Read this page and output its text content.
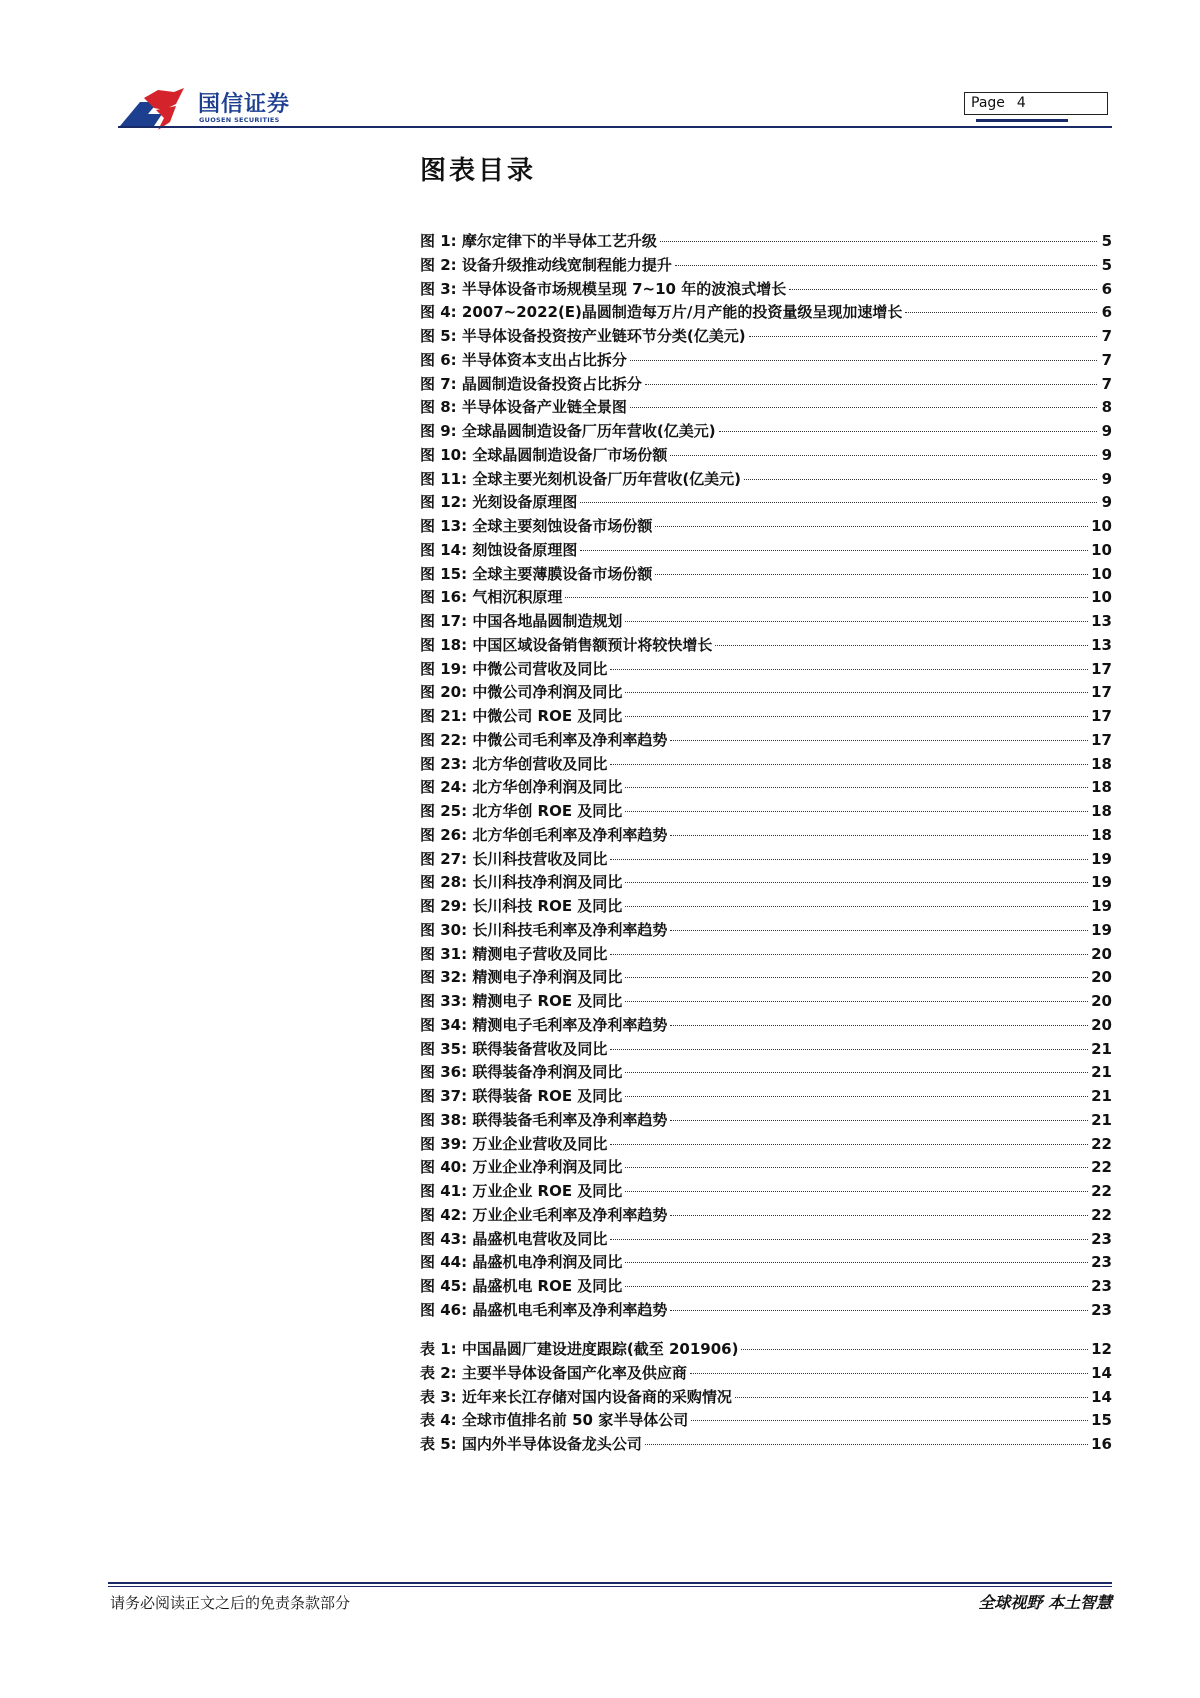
国信证券
GUOSEN SECURITIES
Page 4
图表目录
图 1: 摩尔定律下的半导体工艺升级	5
图 2: 设备升级推动线宽制程能力提升	5
图 3: 半导体设备市场规模呈现 7~10 年的波浪式增长	6
图 4: 2007~2022(E)晶圆制造每万片/月产能的投资量级呈现加速增长	6
图 5: 半导体设备投资按产业链环节分类(亿美元)	7
图 6: 半导体资本支出占比拆分	7
图 7: 晶圆制造设备投资占比拆分	7
图 8: 半导体设备产业链全景图	8
图 9: 全球晶圆制造设备厂历年营收(亿美元)	9
图 10: 全球晶圆制造设备厂市场份额	9
图 11: 全球主要光刻机设备厂历年营收(亿美元)	9
图 12: 光刻设备原理图	9
图 13: 全球主要刻蚀设备市场份额	10
图 14: 刻蚀设备原理图	10
图 15: 全球主要薄膜设备市场份额	10
图 16: 气相沉积原理	10
图 17: 中国各地晶圆制造规划	13
图 18: 中国区域设备销售额预计将较快增长	13
图 19: 中微公司营收及同比	17
图 20: 中微公司净利润及同比	17
图 21: 中微公司 ROE 及同比	17
图 22: 中微公司毛利率及净利率趋势	17
图 23: 北方华创营收及同比	18
图 24: 北方华创净利润及同比	18
图 25: 北方华创 ROE 及同比	18
图 26: 北方华创毛利率及净利率趋势	18
图 27: 长川科技营收及同比	19
图 28: 长川科技净利润及同比	19
图 29: 长川科技 ROE 及同比	19
图 30: 长川科技毛利率及净利率趋势	19
图 31: 精测电子营收及同比	20
图 32: 精测电子净利润及同比	20
图 33: 精测电子 ROE 及同比	20
图 34: 精测电子毛利率及净利率趋势	20
图 35: 联得装备营收及同比	21
图 36: 联得装备净利润及同比	21
图 37: 联得装备 ROE 及同比	21
图 38: 联得装备毛利率及净利率趋势	21
图 39: 万业企业营收及同比	22
图 40: 万业企业净利润及同比	22
图 41: 万业企业 ROE 及同比	22
图 42: 万业企业毛利率及净利率趋势	22
图 43: 晶盛机电营收及同比	23
图 44: 晶盛机电净利润及同比	23
图 45: 晶盛机电 ROE 及同比	23
图 46: 晶盛机电毛利率及净利率趋势	23
表 1: 中国晶圆厂建设进度跟踪(截至 201906)	12
表 2: 主要半导体设备国产化率及供应商	14
表 3: 近年来长江存储对国内设备商的采购情况	14
表 4: 全球市值排名前 50 家半导体公司	15
表 5: 国内外半导体设备龙头公司	16
请务必阅读正文之后的免责条款部分	全球视野 本土智慧
